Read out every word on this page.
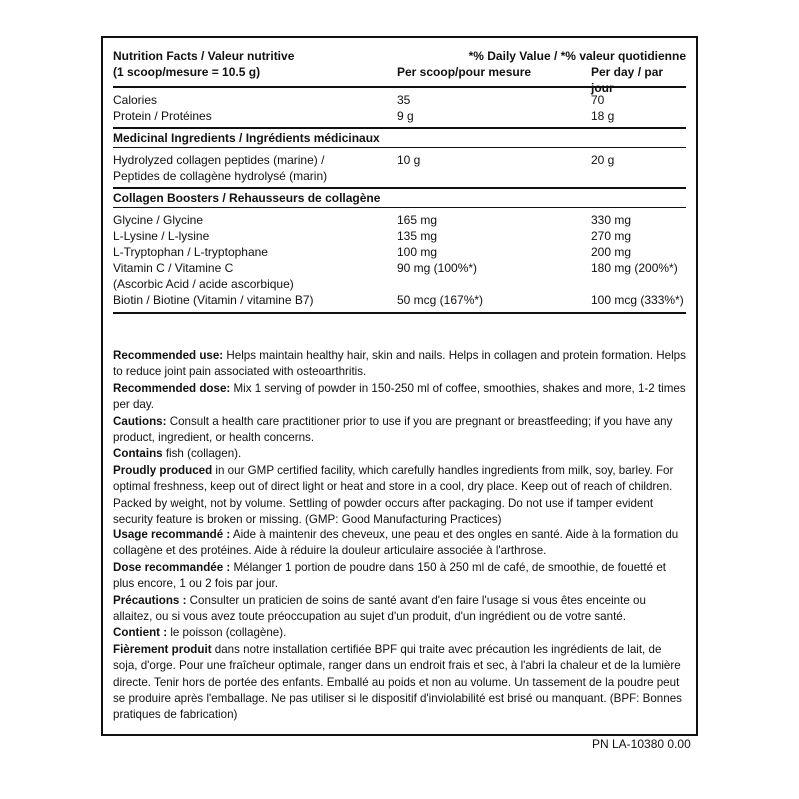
Nutrition Facts / Valeur nutritive	*% Daily Value / *% valeur quotidienne
(1 scoop/mesure = 10.5 g)	Per scoop/pour mesure	Per day / par jour
Calories	35	70
Protein / Protéines	9 g	18 g
Medicinal Ingredients / Ingrédients médicinaux
Hydrolyzed collagen peptides (marine) /	10 g	20 g
Peptides de collagène hydrolysé (marin)
Collagen Boosters / Rehausseurs de collagène
Glycine / Glycine	165 mg	330 mg
L-Lysine / L-lysine	135 mg	270 mg
L-Tryptophan / L-tryptophane	100 mg	200 mg
Vitamin C / Vitamine C	90 mg (100%*)	180 mg (200%*)
(Ascorbic Acid / acide ascorbique)
Biotin / Biotine (Vitamin / vitamine B7)	50 mcg (167%*)	100 mcg (333%*)

Recommended use: Helps maintain healthy hair, skin and nails. Helps in collagen and protein formation. Helps to reduce joint pain associated with osteoarthritis.

Recommended dose: Mix 1 serving of powder in 150-250 ml of coffee, smoothies, shakes and more, 1-2 times per day.

Cautions: Consult a health care practitioner prior to use if you are pregnant or breastfeeding; if you have any product, ingredient, or health concerns.

Contains fish (collagen).

Proudly produced in our GMP certified facility, which carefully handles ingredients from milk, soy, barley. For optimal freshness, keep out of direct light or heat and store in a cool, dry place. Keep out of reach of children. Packed by weight, not by volume. Settling of powder occurs after packaging. Do not use if tamper evident security feature is broken or missing. (GMP: Good Manufacturing Practices)

Usage recommandé : Aide à maintenir des cheveux, une peau et des ongles en santé. Aide à la formation du collagène et des protéines. Aide à réduire la douleur articulaire associée à l'arthrose.

Dose recommandée : Mélanger 1 portion de poudre dans 150 à 250 ml de café, de smoothie, de fouetté et plus encore, 1 ou 2 fois par jour.

Précautions : Consulter un praticien de soins de santé avant d'en faire l'usage si vous êtes enceinte ou allaitez, ou si vous avez toute préoccupation au sujet d'un produit, d'un ingrédient ou de votre santé.

Contient : le poisson (collagène).

Fièrement produit dans notre installation certifiée BPF qui traite avec précaution les ingrédients de lait, de soja, d'orge. Pour une fraîcheur optimale, ranger dans un endroit frais et sec, à l'abri la chaleur et de la lumière directe. Tenir hors de portée des enfants. Emballé au poids et non au volume. Un tassement de la poudre peut se produire après l'emballage. Ne pas utiliser si le dispositif d'inviolabilité est brisé ou manquant. (BPF: Bonnes pratiques de fabrication)

PN LA-10380 0.00
